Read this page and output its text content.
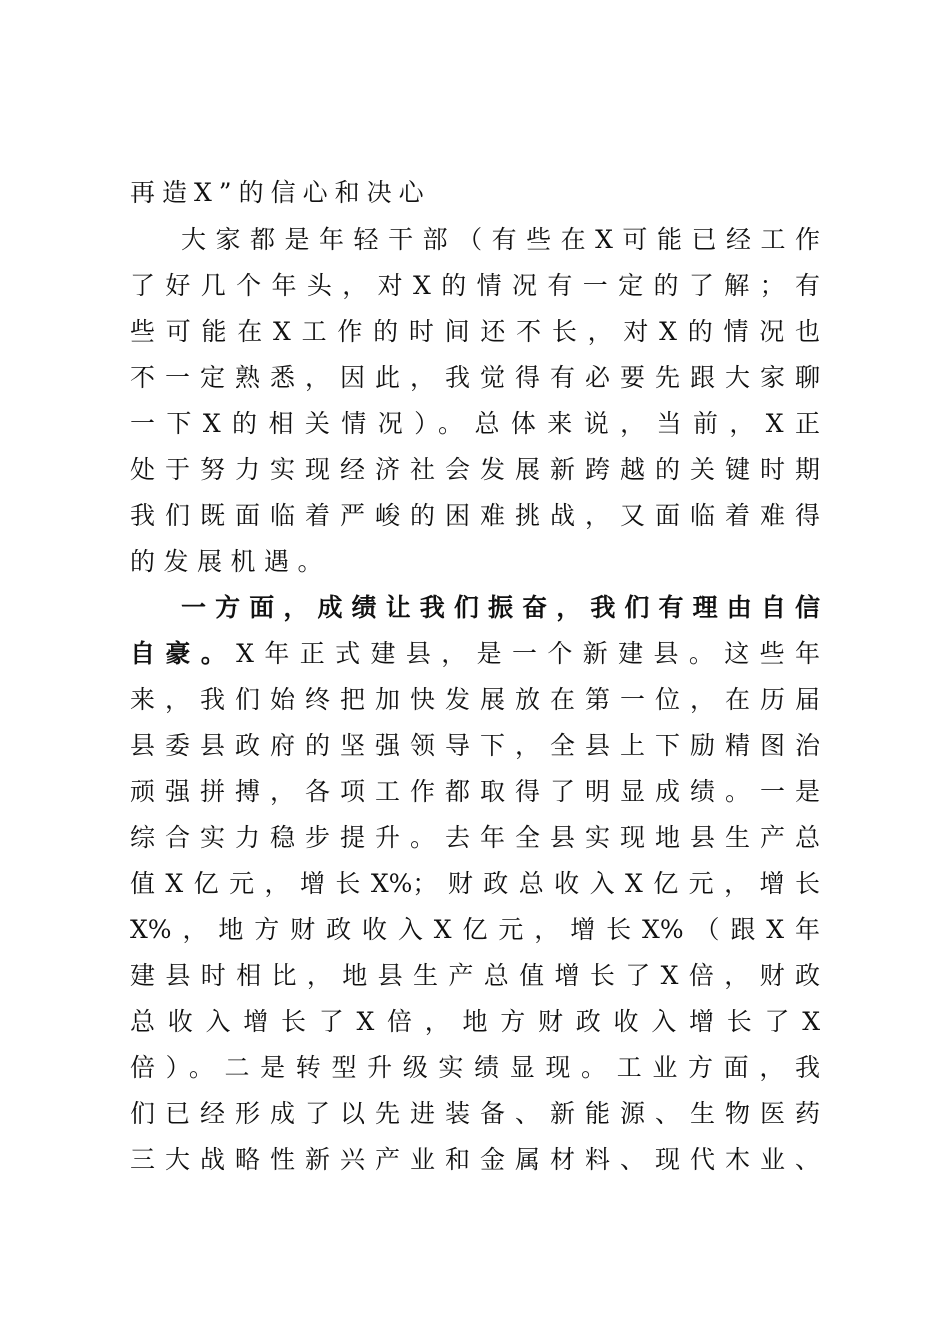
再造X”的信心和决心
大家都是年轻干部（有些在X可能已经工作
了好几个年头，对X的情况有一定的了解；有
些可能在X工作的时间还不长，对X的情况也
不一定熟悉，因此，我觉得有必要先跟大家聊
一下X的相关情况）。总体来说，当前，X正
处于努力实现经济社会发展新跨越的关键时期
我们既面临着严峻的困难挑战，又面临着难得
的发展机遇。
一方面，成绩让我们振奋，我们有理由自信
自豪。X年正式建县，是一个新建县。这些年
来，我们始终把加快发展放在第一位，在历届
县委县政府的坚强领导下，全县上下励精图治
顽强拼搏，各项工作都取得了明显成绩。一是
综合实力稳步提升。去年全县实现地县生产总
值X亿元，增长X%；财政总收入X亿元，增长
X%，地方财政收入X亿元，增长X%（跟X年
建县时相比，地县生产总值增长了X倍，财政
总收入增长了X倍，地方财政收入增长了X
倍）。二是转型升级实绩显现。工业方面，我
们已经形成了以先进装备、新能源、生物医药
三大战略性新兴产业和金属材料、现代木业、
